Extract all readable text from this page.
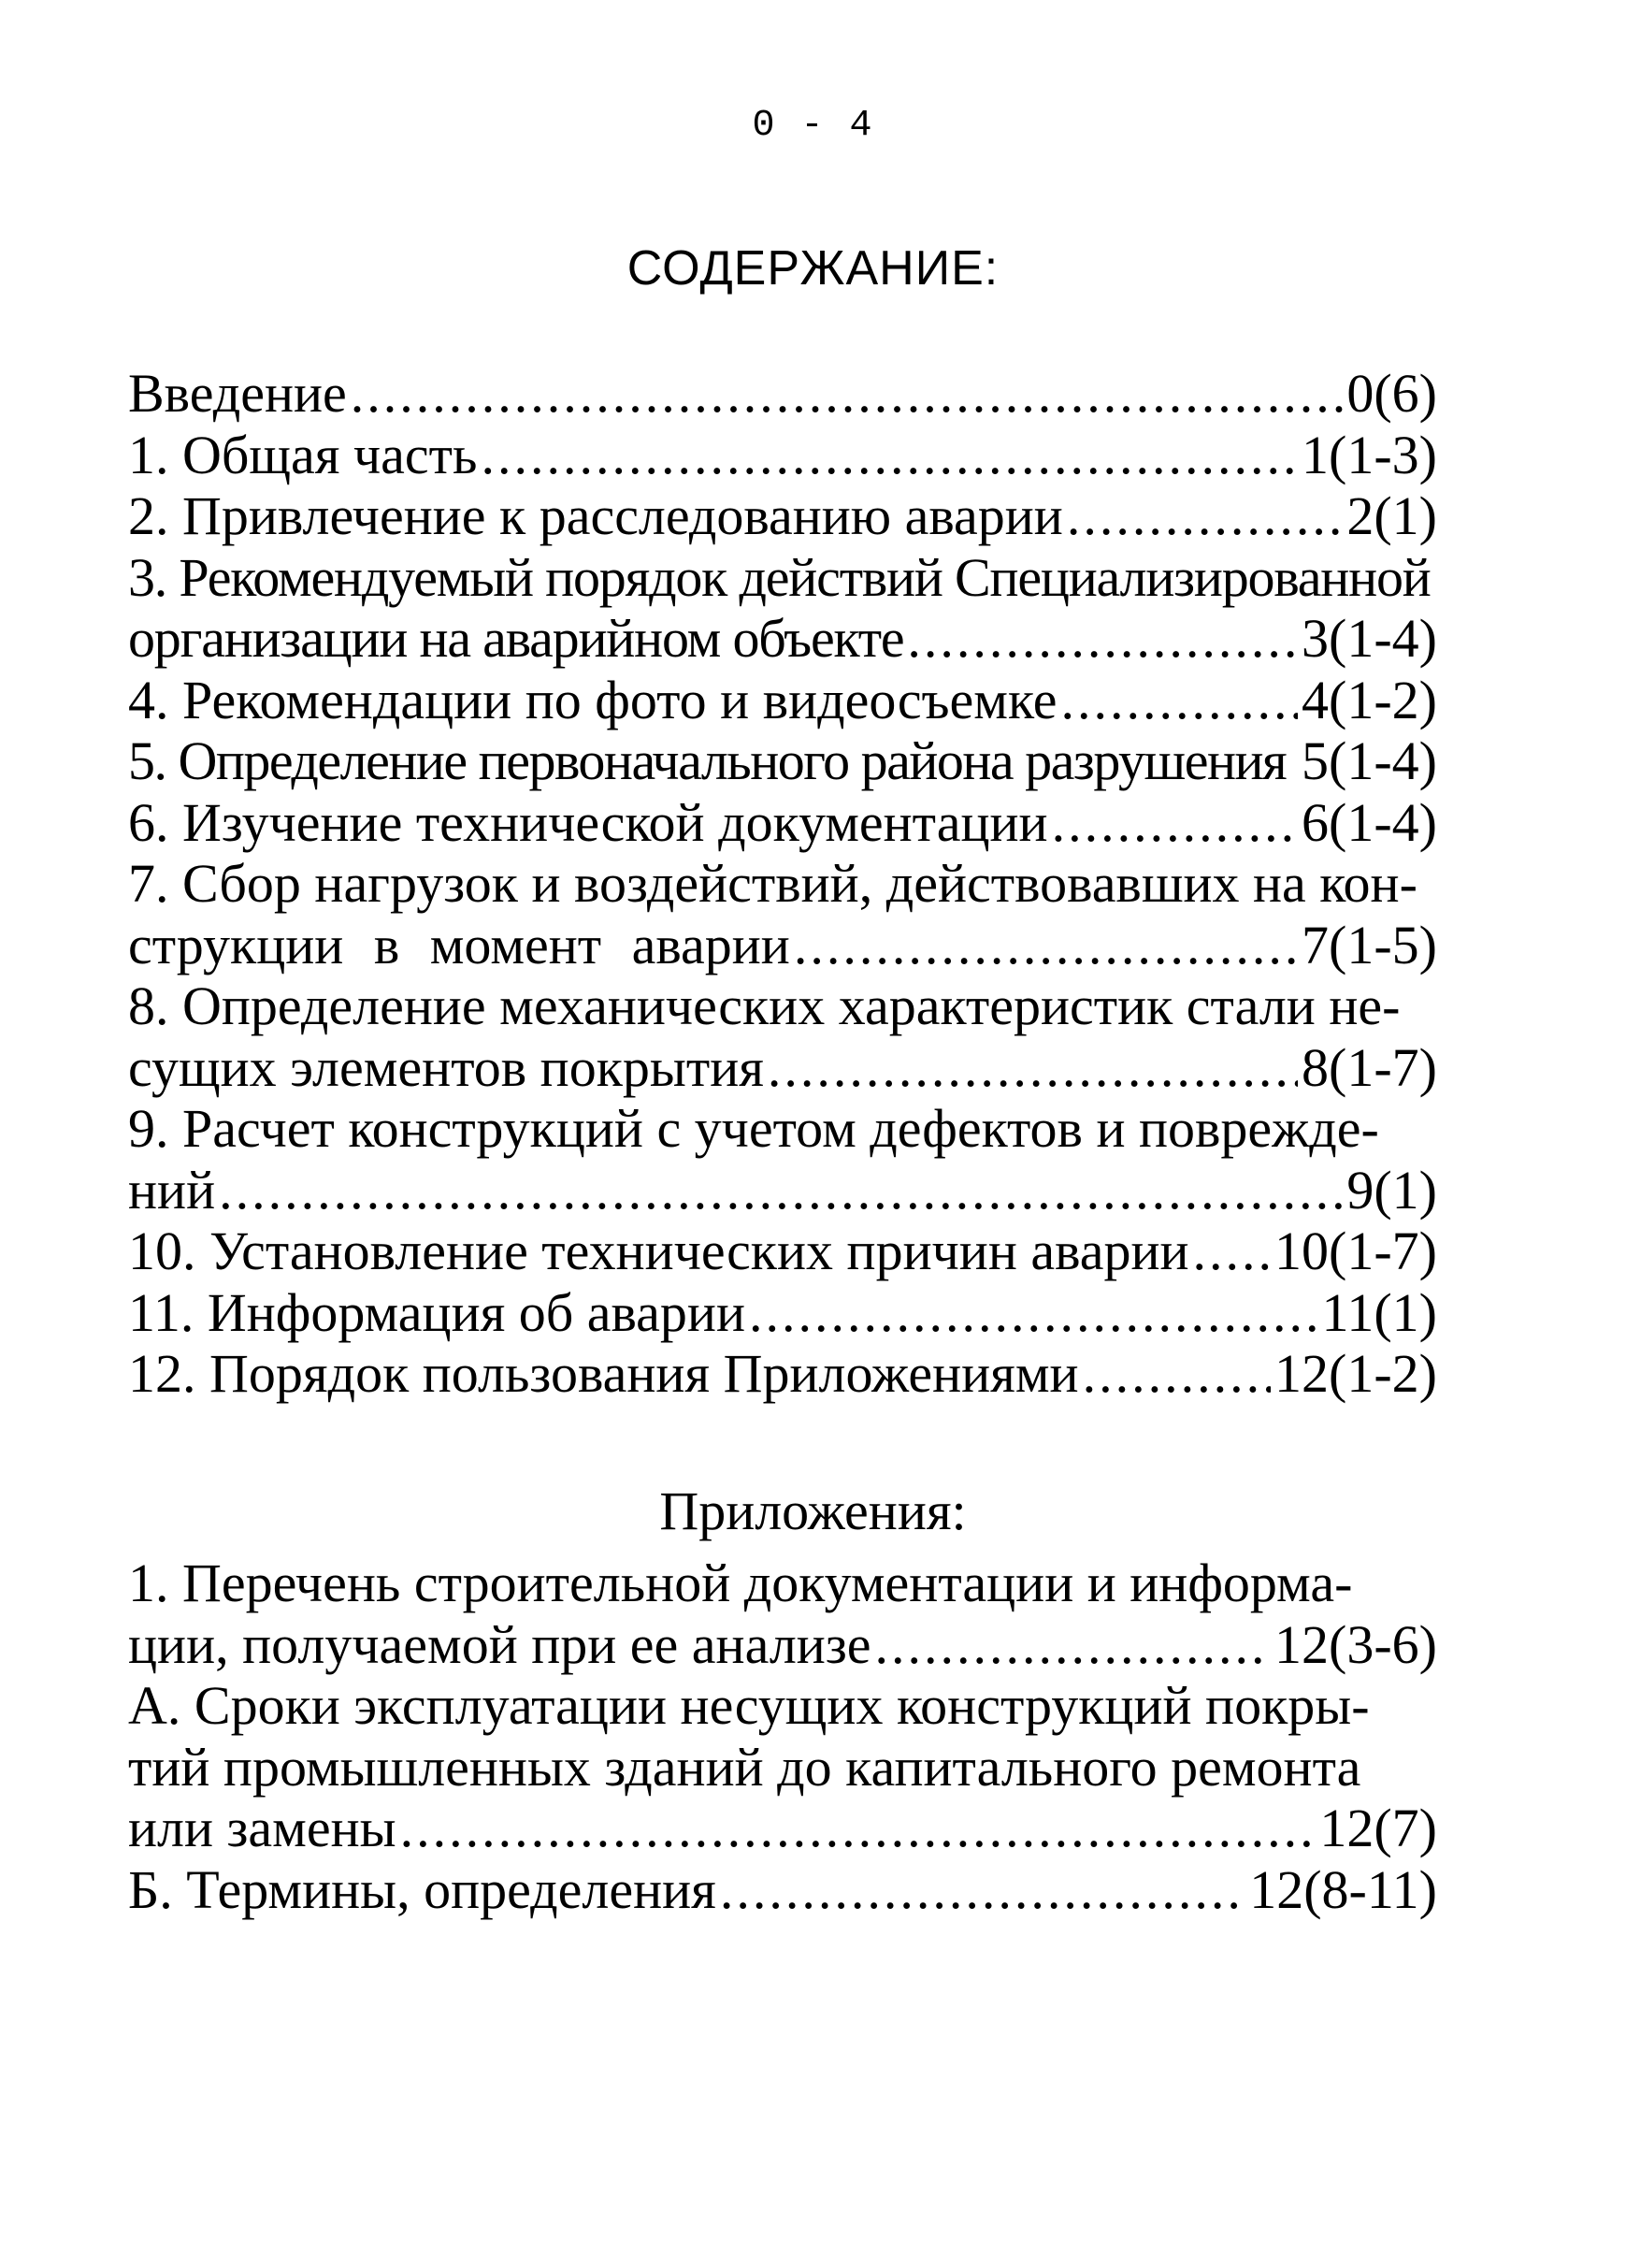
0 - 4
СОДЕРЖАНИЕ:
Введение .....	0(6)
1. Общая часть .....	1(1-3)
2. Привлечение к расследованию аварии .....	2(1)
3. Рекомендуемый порядок действий Специализированной
организации на аварийном объекте .....	3(1-4)
4. Рекомендации по фото и видеосъемке .....	4(1-2)
5. Определение первоначального района разрушения 5(1-4)
6. Изучение технической документации .....	6(1-4)
7. Сбор нагрузок и воздействий, действовавших на кон-
струкции в момент аварии .....	7(1-5)
8. Определение механических характеристик стали не-
сущих элементов покрытия .....	8(1-7)
9. Расчет конструкций с учетом дефектов и поврежде-
ний .....	9(1)
10. Установление технических причин аварии ..... 10(1-7)
11. Информация об аварии .....	11(1)
12. Порядок пользования Приложениями .....	12(1-2)
Приложения:
1. Перечень строительной документации и информа-
ции, получаемой при ее анализе .....	12(3-6)
А. Сроки эксплуатации несущих конструкций покры-
тий промышленных зданий до капитального ремонта
или замены .....	12(7)
Б. Термины, определения .....	12(8-11)
